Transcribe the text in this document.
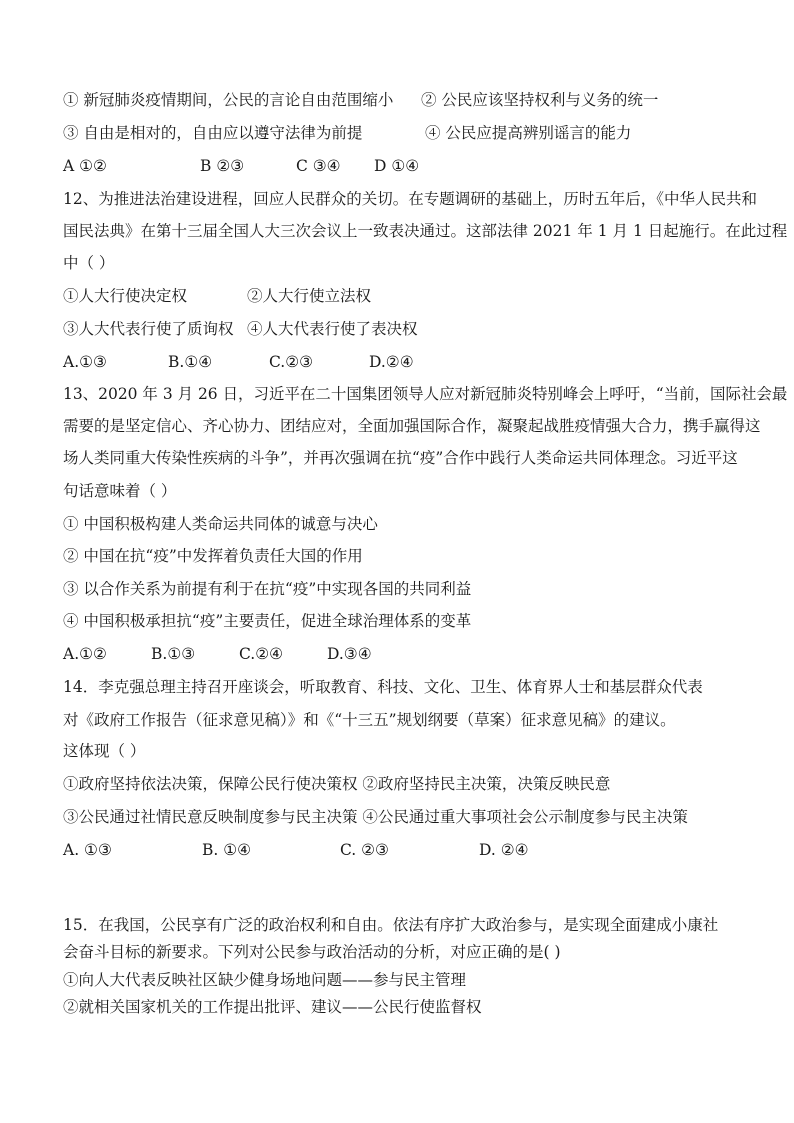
① 新冠肺炎疫情期间，公民的言论自由范围缩小 ② 公民应该坚持权利与义务的统一
③ 自由是相对的，自由应以遵守法律为前提	④ 公民应提高辨别谣言的能力
A ①②	B ②③	C ③④ D ①④
12、为推进法治建设进程，回应人民群众的关切。在专题调研的基础上，历时五年后，《中华人民共和
国民法典》在第十三届全国人大三次会议上一致表决通过。这部法律 2021 年 1 月 1 日起施行。在此过程
中（ ）
①人大行使决定权	②人大行使立法权
③人大代表行使了质询权 ④人大代表行使了表决权
A.①③	B.①④	C.②③	D.②④
13、2020 年 3 月 26 日，习近平在二十国集团领导人应对新冠肺炎特别峰会上呼吁，“当前，国际社会最
需要的是坚定信心、齐心协力、团结应对，全面加强国际合作，凝聚起战胜疫情强大合力，携手赢得这
场人类同重大传染性疾病的斗争”，并再次强调在抗“疫”合作中践行人类命运共同体理念。习近平这
句话意味着（ ）
① 中国积极构建人类命运共同体的诚意与决心
② 中国在抗“疫”中发挥着负责任大国的作用
③ 以合作关系为前提有利于在抗“疫”中实现各国的共同利益
④ 中国积极承担抗“疫”主要责任，促进全球治理体系的变革
A.①②	B.①③	C.②④	D.③④
14．李克强总理主持召开座谈会，听取教育、科技、文化、卫生、体育界人士和基层群众代表
对《政府工作报告（征求意见稿）》和《“十三五”规划纲要（草案）征求意见稿》的建议。
这体现（ ）
①政府坚持依法决策，保障公民行使决策权 ②政府坚持民主决策，决策反映民意
③公民通过社情民意反映制度参与民主决策 ④公民通过重大事项社会公示制度参与民主决策
A. ①③	B. ①④	C. ②③	D. ②④
15．在我国，公民享有广泛的政治权利和自由。依法有序扩大政治参与，是实现全面建成小康社
会奋斗目标的新要求。下列对公民参与政治活动的分析，对应正确的是( )
①向人大代表反映社区缺少健身场地问题——参与民主管理
②就相关国家机关的工作提出批评、建议——公民行使监督权
